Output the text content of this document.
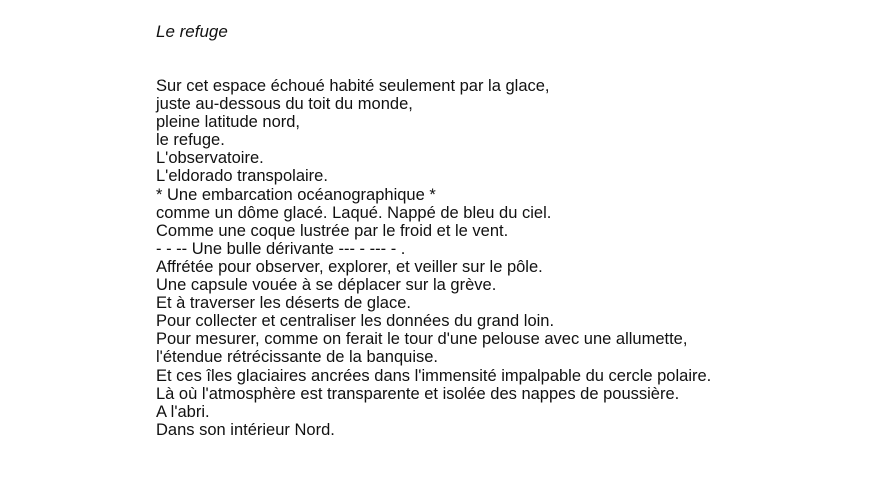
Le refuge
Sur cet espace échoué habité seulement par la glace,
juste au-dessous du toit du monde,
pleine latitude nord,
le refuge.
L'observatoire.
L'eldorado transpolaire.
* Une embarcation océanographique *
comme un dôme glacé. Laqué. Nappé de bleu du ciel.
Comme une coque lustrée par le froid et le vent.
- - -- Une bulle dérivante --- - --- - .
Affrétée pour observer, explorer, et veiller sur le pôle.
Une capsule vouée à se déplacer sur la grève.
Et à traverser les déserts de glace.
Pour collecter et centraliser les données du grand loin.
Pour mesurer, comme on ferait le tour d'une pelouse avec une allumette,
l'étendue rétrécissante de la banquise.
Et ces îles glaciaires ancrées dans l'immensité impalpable du cercle polaire.
Là où l'atmosphère est transparente et isolée des nappes de poussière.
A l'abri.
Dans son intérieur Nord.
